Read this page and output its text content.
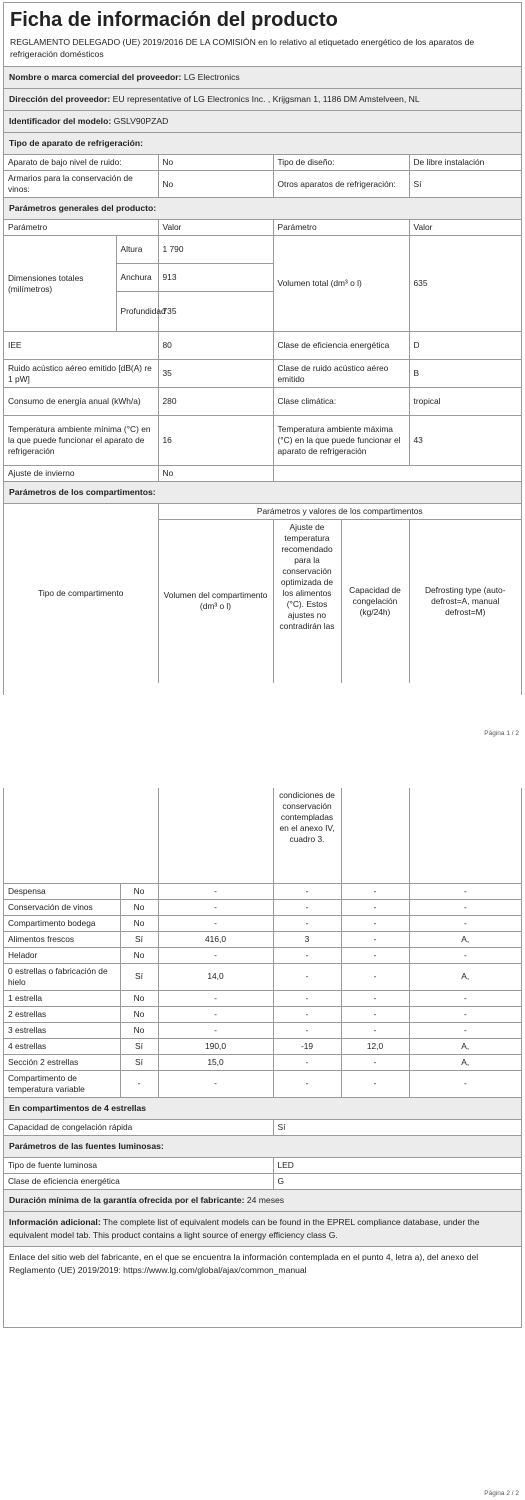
Ficha de información del producto
REGLAMENTO DELEGADO (UE) 2019/2016 DE LA COMISIÓN en lo relativo al etiquetado energético de los aparatos de refrigeración domésticos
Nombre o marca comercial del proveedor: LG Electronics
Dirección del proveedor: EU representative of LG Electronics Inc. , Krijgsman 1, 1186 DM Amstelveen, NL
Identificador del modelo: GSLV90PZAD
Tipo de aparato de refrigeración:
Aparato de bajo nivel de ruido:	No	Tipo de diseño:	De libre instalación
Armarios para la conservación de vinos:	No	Otros aparatos de refrigeración:	Sí
Parámetros generales del producto:
Parámetro		Valor	Parámetro	Valor
Dimensiones totales (milímetros)	Altura	1 790	Volumen total (dm³ o l)	635
	Anchura	913		
	Profundidad	735		
IEE		80	Clase de eficiencia energética	D
Ruido acústico aéreo emitido [dB(A) re 1 pW]		35	Clase de ruido acústico aéreo emitido	B
Consumo de energía anual (kWh/a)		280	Clase climática:	tropical
Temperatura ambiente mínima (°C) en la que puede funcionar el aparato de refrigeración		16	Temperatura ambiente máxima (°C) en la que puede funcionar el aparato de refrigeración	43
Ajuste de invierno		No		
Parámetros de los compartimentos:
Tipo de compartimento	Parámetros y valores de los compartimentos			
	Volumen del compartimento (dm³ o l)	Ajuste de temperatura recomendado para la conservación optimizada de los alimentos (°C). Estos ajustes no contradirán las	Capacidad de congelación (kg/24h)	Defrosting type (auto-defrost=A, manual defrost=M)
Página 1 / 2
			condiciones de conservación contempladas en el anexo IV, cuadro 3.		
Despensa	No	-	-	-	-
Conservación de vinos	No	-	-	-	-
Compartimento bodega	No	-	-	-	-
Alimentos frescos	Sí	416,0	3	-	A,
Helador	No	-	-	-	-
0 estrellas o fabricación de hielo	Sí	14,0	-	-	A,
1 estrella	No	-	-	-	-
2 estrellas	No	-	-	-	-
3 estrellas	No	-	-	-	-
4 estrellas	Sí	190,0	-19	12,0	A,
Sección 2 estrellas	Sí	15,0	-	-	A,
Compartimento de temperatura variable	-	-	-	-	-
En compartimentos de 4 estrellas
Capacidad de congelación rápida	Sí
Parámetros de las fuentes luminosas:
Tipo de fuente luminosa	LED
Clase de eficiencia energética	G
Duración mínima de la garantía ofrecida por el fabricante: 24 meses
Información adicional: The complete list of equivalent models can be found in the EPREL compliance database, under the equivalent model tab. This product contains a light source of energy efficiency class G.
Enlace del sitio web del fabricante, en el que se encuentra la información contemplada en el punto 4, letra a), del anexo del Reglamento (UE) 2019/2019: https://www.lg.com/global/ajax/common_manual
Página 2 / 2
